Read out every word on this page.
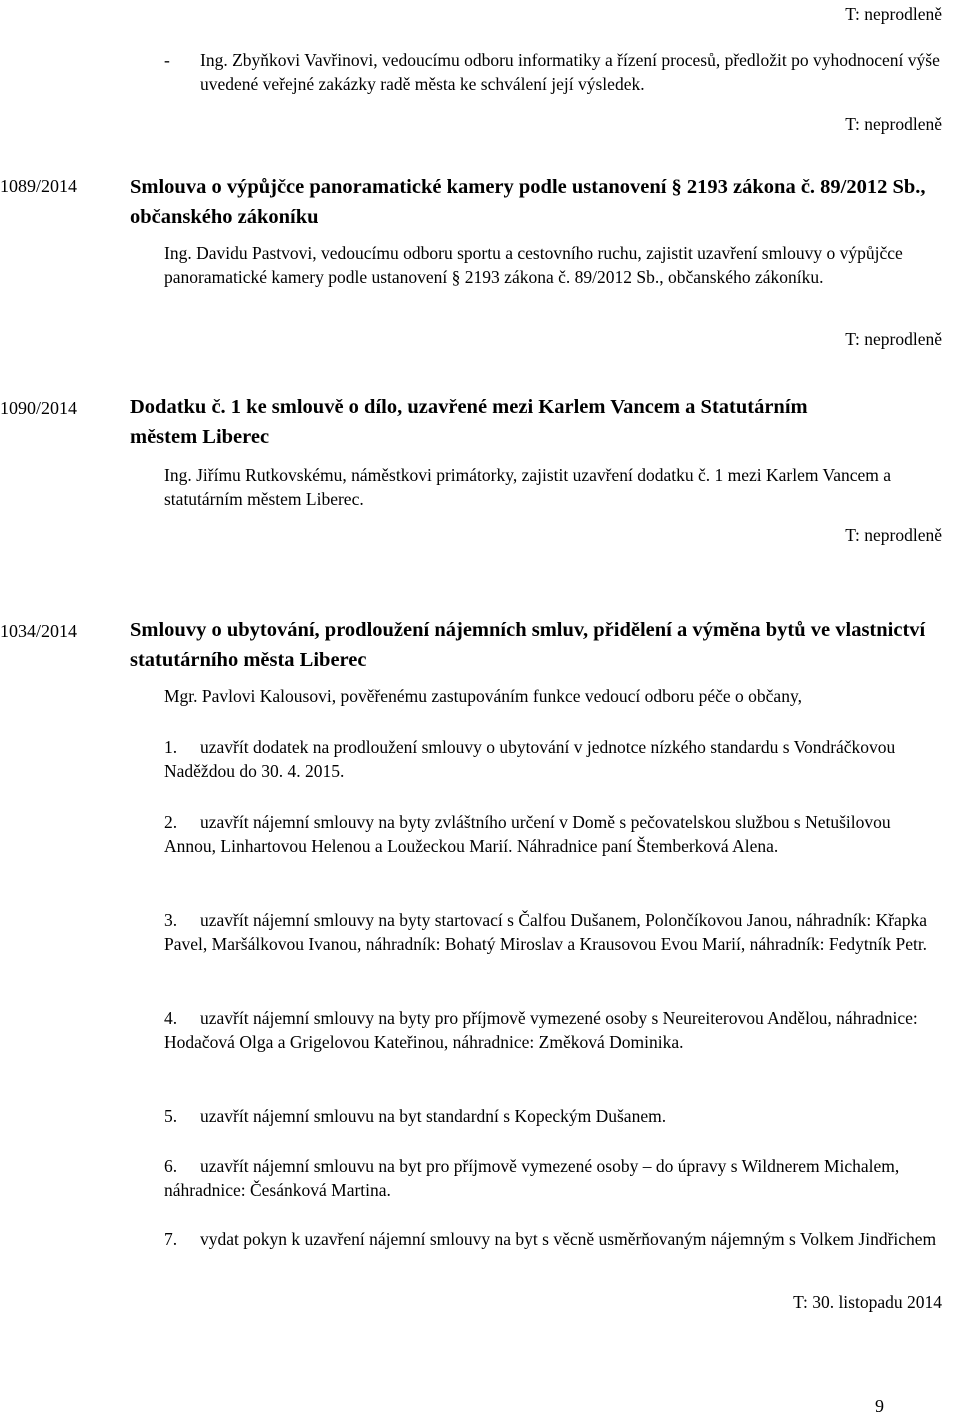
T: neprodleně
- Ing. Zbyňkovi Vavřinovi, vedoucímu odboru informatiky a řízení procesů, předložit po vyhodnocení výše uvedené veřejné zakázky radě města ke schválení její výsledek.
T: neprodleně
1089/2014	Smlouva o výpůjčce panoramatické kamery podle ustanovení § 2193 zákona č. 89/2012 Sb., občanského zákoníku
Ing. Davidu Pastvovi, vedoucímu odboru sportu a cestovního ruchu, zajistit uzavření smlouvy o výpůjčce panoramatické kamery podle ustanovení § 2193 zákona č. 89/2012 Sb., občanského zákoníku.
T: neprodleně
1090/2014	Dodatku č. 1 ke smlouvě o dílo, uzavřené mezi Karlem Vancem a Statutárním městem Liberec
Ing. Jiřímu Rutkovskému, náměstkovi primátorky, zajistit uzavření dodatku č. 1 mezi Karlem Vancem a statutárním městem Liberec.
T: neprodleně
1034/2014	Smlouvy o ubytování, prodloužení nájemních smluv, přidělení a výměna bytů ve vlastnictví statutárního města Liberec
Mgr. Pavlovi Kalousovi, pověřenému zastupováním funkce vedoucí odboru péče o občany,
1. uzavřít dodatek na prodloužení smlouvy o ubytování v jednotce nízkého standardu s Vondráčkovou Naděždou do 30. 4. 2015.
2. uzavřít nájemní smlouvy na byty zvláštního určení v Domě s pečovatelskou službou s Netušilovou Annou, Linhartovou Helenou a Loužeckou Marií. Náhradnice paní Štemberková Alena.
3. uzavřít nájemní smlouvy na byty startovací s Čalfou Dušanem, Polončíkovou Janou, náhradník: Křapka Pavel, Maršálkovou Ivanou, náhradník: Bohatý Miroslav a Krausovou Evou Marií, náhradník: Fedytník Petr.
4. uzavřít nájemní smlouvy na byty pro příjmově vymezené osoby s Neureiterovou Andělou, náhradnice: Hodačová Olga a Grigelovou Kateřinou, náhradnice: Změková Dominika.
5. uzavřít nájemní smlouvu na byt standardní s Kopeckým Dušanem.
6. uzavřít nájemní smlouvu na byt pro příjmově vymezené osoby – do úpravy s Wildnerem Michalem, náhradnice: Česánková Martina.
7. vydat pokyn k uzavření nájemní smlouvy na byt s věcně usměrňovaným nájemným s Volkem Jindřichem
T: 30. listopadu 2014
9
